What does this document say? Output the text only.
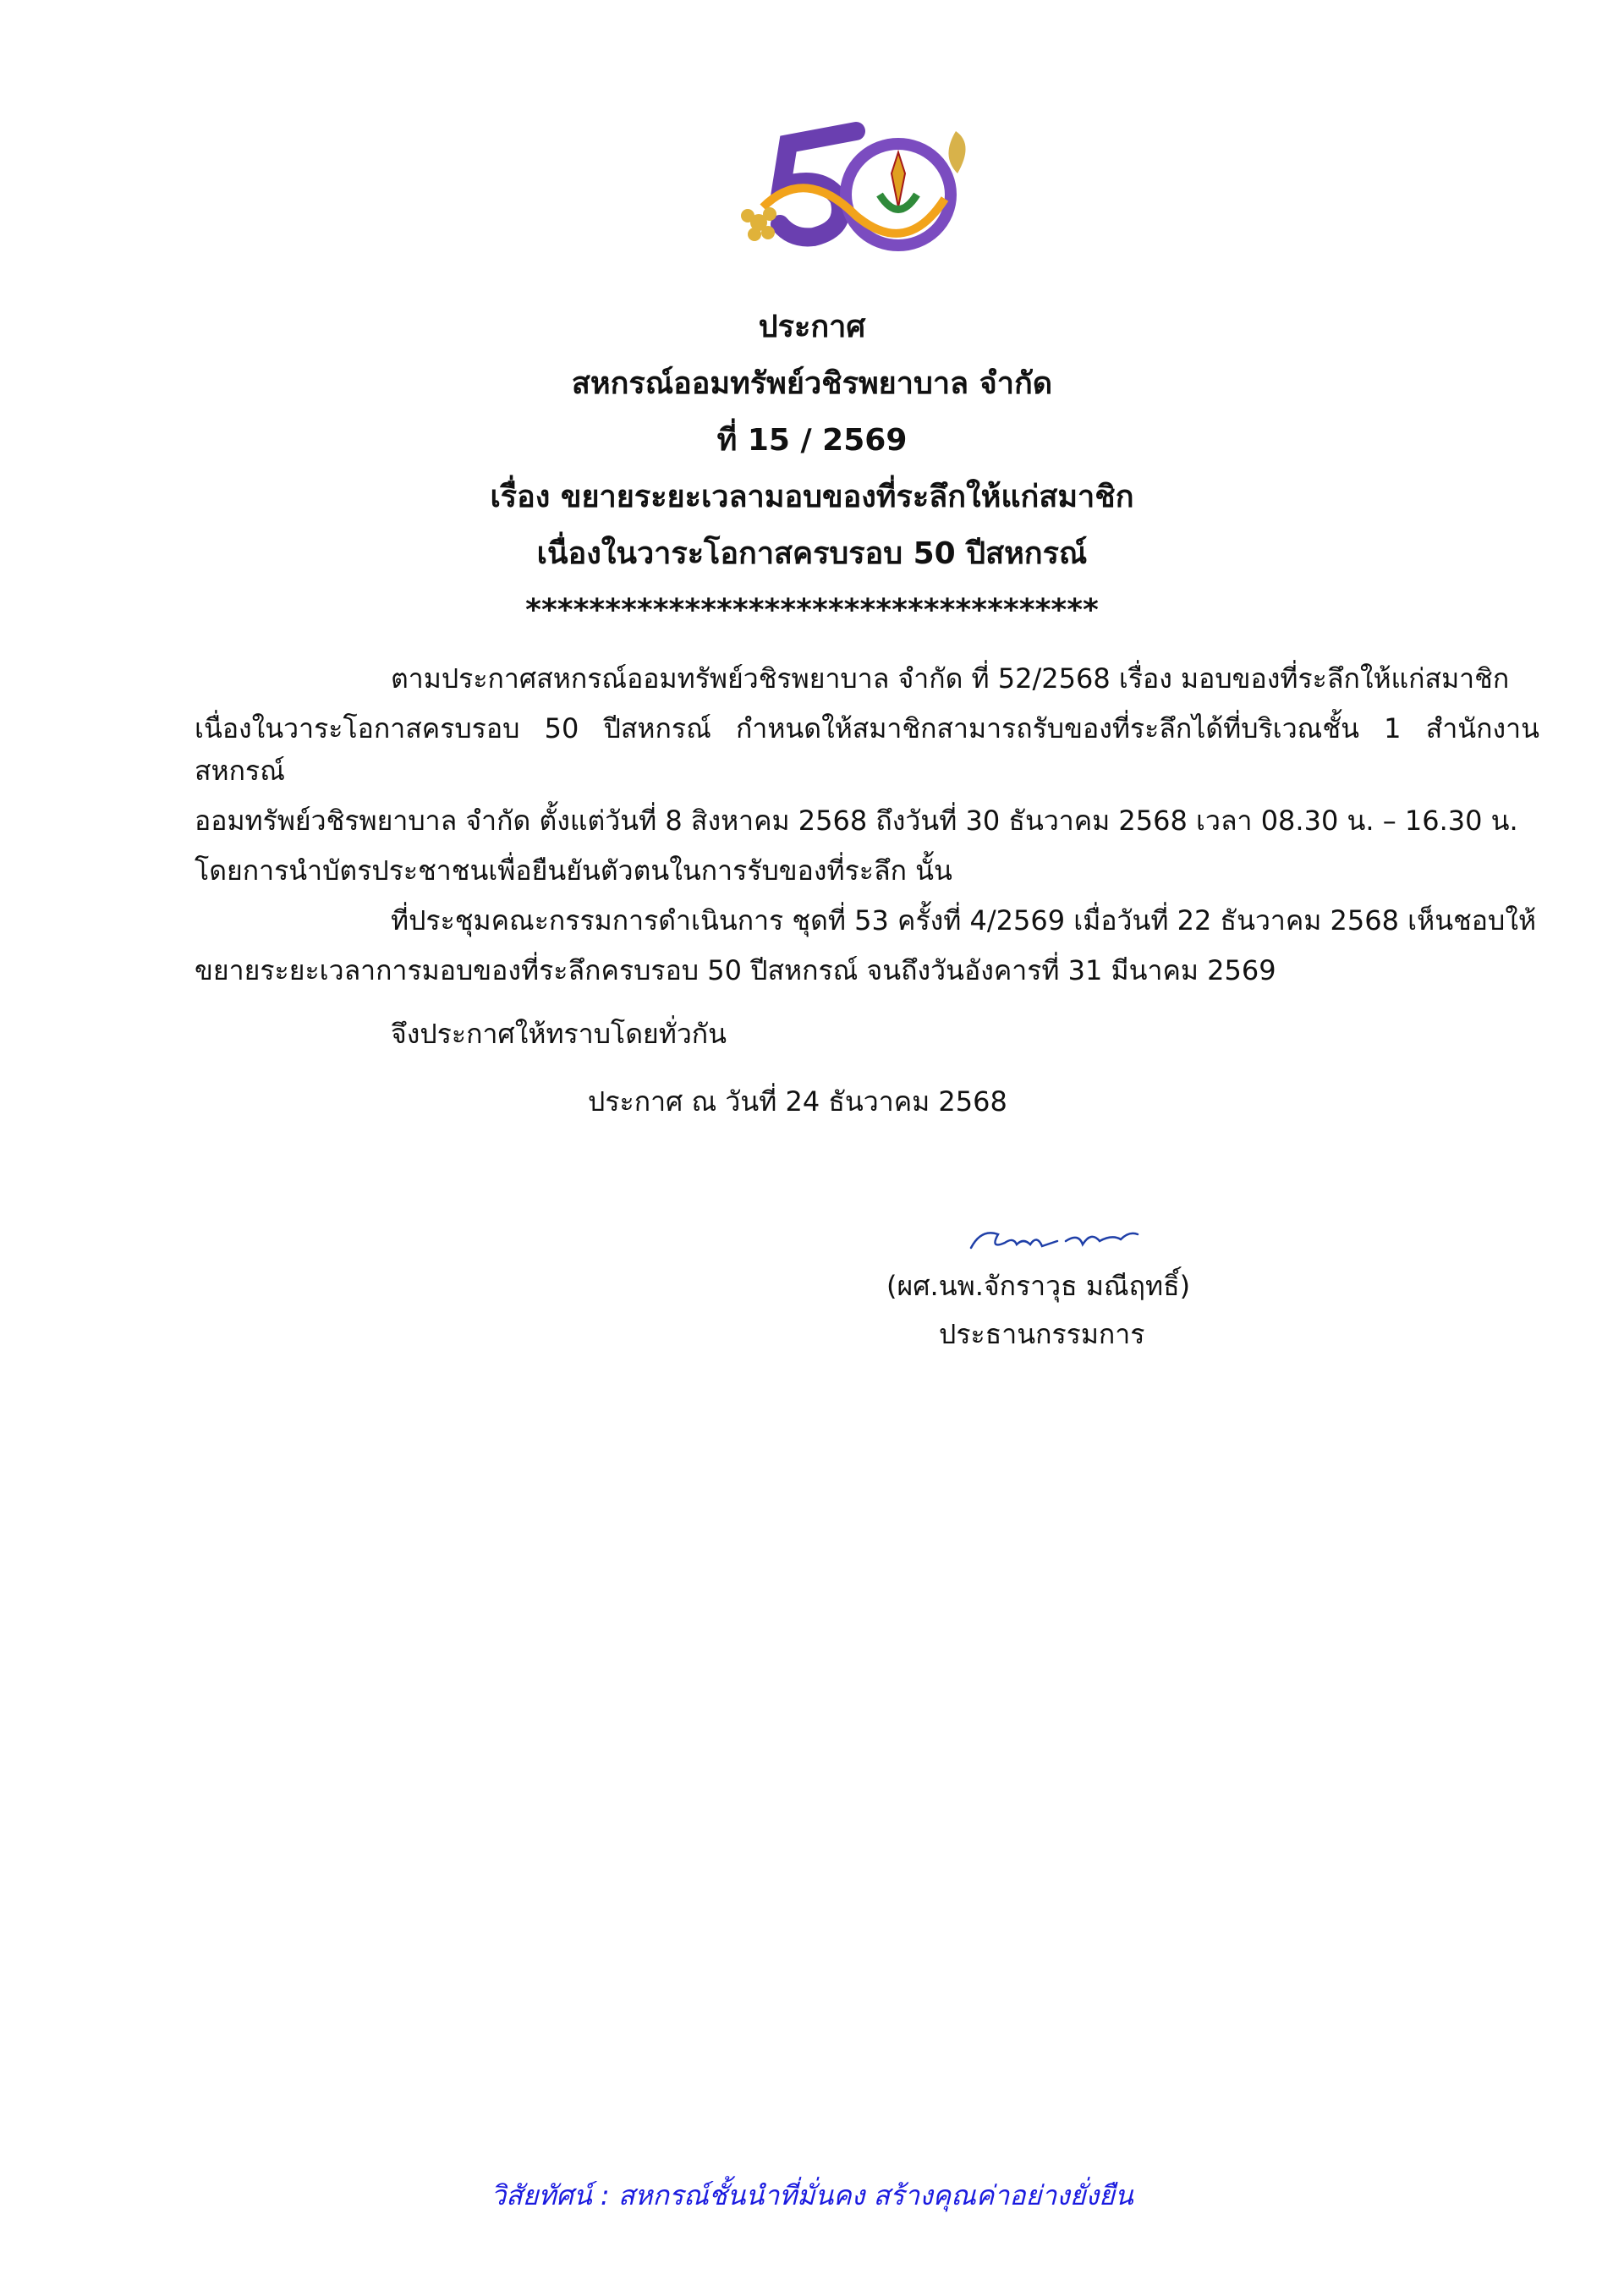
ประกาศ
สหกรณ์ออมทรัพย์วชิรพยาบาล จำกัด
ที่ 15 / 2569
เรื่อง ขยายระยะเวลามอบของที่ระลึกให้แก่สมาชิก
เนื่องในวาระโอกาสครบรอบ 50 ปีสหกรณ์
************************************
ตามประกาศสหกรณ์ออมทรัพย์วชิรพยาบาล จำกัด ที่ 52/2568 เรื่อง มอบของที่ระลึกให้แก่สมาชิก
เนื่องในวาระโอกาสครบรอบ 50 ปีสหกรณ์ กำหนดให้สมาชิกสามารถรับของที่ระลึกได้ที่บริเวณชั้น 1 สำนักงานสหกรณ์
ออมทรัพย์วชิรพยาบาล จำกัด ตั้งแต่วันที่ 8 สิงหาคม 2568 ถึงวันที่ 30 ธันวาคม 2568 เวลา 08.30 น. – 16.30 น.
โดยการนำบัตรประชาชนเพื่อยืนยันตัวตนในการรับของที่ระลึก นั้น
ที่ประชุมคณะกรรมการดำเนินการ ชุดที่ 53 ครั้งที่ 4/2569 เมื่อวันที่ 22 ธันวาคม 2568 เห็นชอบให้
ขยายระยะเวลาการมอบของที่ระลึกครบรอบ 50 ปีสหกรณ์ จนถึงวันอังคารที่ 31 มีนาคม 2569
จึงประกาศให้ทราบโดยทั่วกัน
ประกาศ ณ วันที่ 24 ธันวาคม 2568
(ผศ.นพ.จักราวุธ มณีฤทธิ์)
ประธานกรรมการ
วิสัยทัศน์ : สหกรณ์ชั้นนำที่มั่นคง สร้างคุณค่าอย่างยั่งยืน
